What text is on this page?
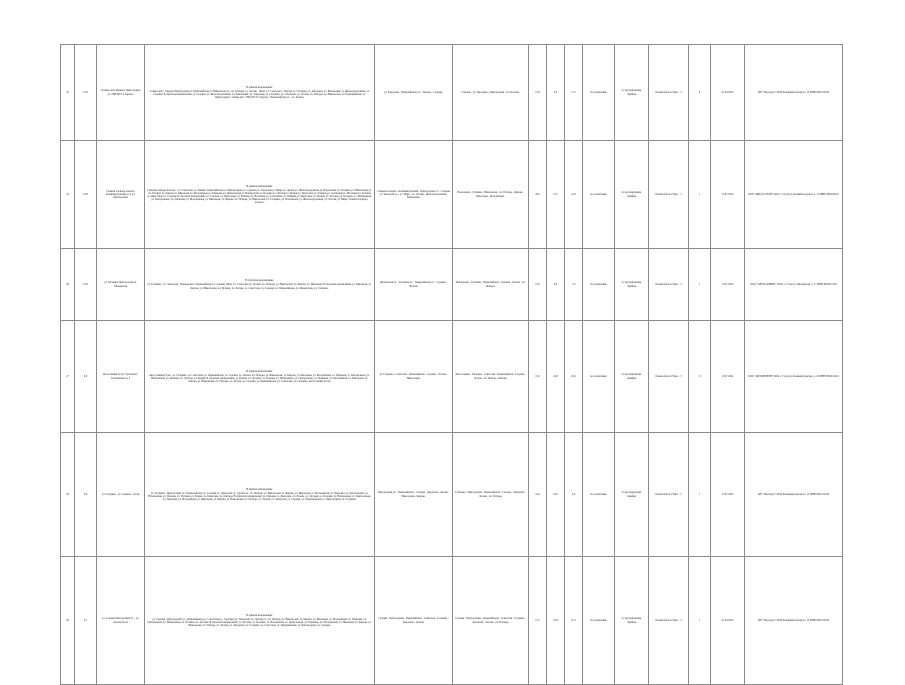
24	2/16	Стоянка авто Правило Пригородная ул. ТВД МСТ в Заречье	В прямом направлении:
стоянка авто - Заречье Пригородная ул. Первомайская ул. Никольская ул., пл. Победы, ул. Лесная - Пром. Ст. Советская - Заречье ул. Гагарина, ул. Заводская, пл. Революции, ул. Железнодорожная, ул. Садовая. В обратном направлении: ул. Садовая, ул. Железнодорожная, пл. Революции, ул. Заводская, ул. Гагарина, ул. Советская, ул. Лесная, пл. Победы, ул. Никольская, ул. Первомайская, ул. Пригородная, стоянка авто. ТВД МСТ в Заречье - Первомайская ул. - ул. Лесная.	ул. Заводская - Первомайская ул. - Заречье - Садовая.	Садовая - ул. Заводская - Пригородная - пл. Победы.	12,9	6,3	11 л	по расписанию	по регулируемым тарифам	Большой класс Евро - 5	6	01.04.2022	ИП "Транспорт" ООО Калининградская ул. 15 ИНН 3921012345
25	2/18	Главная площадь вокзала Калининградский ул. к ул. Пригородная	В прямом направлении:
Главная площадь вокзала - ул. Советская, ул. Ленина, Первомайская ул. Пригородная ул., Садовая ул., Заводская ул. Мира ул. Лесная ул. Железнодорожная ул. Вокзальная ул. Гагарина ул. Никольская ул. пл. Победы ул. Кирова ул. Школьная ул. Молодёжная ул. Парковая ул. Центральная ул. Набережная ул. Полевая ул. Луговая ул. Речная ул. Береговая ул. Озёрная ул. Солнечная ул. Весенняя ул. Зелёная ул. Цветочная ул. Садовая. В обратном направлении: ул. Садовая, ул. Цветочная, ул. Зелёная, ул. Весенняя, ул. Солнечная, ул. Озёрная, ул. Береговая, ул. Речная, ул. Луговая, ул. Полевая, ул. Набережная, ул. Центральная, ул. Парковая, ул. Молодёжная, ул. Школьная, ул. Кирова, пл. Победы, ул. Никольская, ул. Гагарина, ул. Вокзальная, ул. Железнодорожная, ул. Лесная, ул. Мира, Главная площадь вокзала.	Главная площадь - Калининградский - Пригородная ул. - Садовая ул. Заводская ул. - ул. Мира - ул. Лесная - Железнодорожная - Вокзальная.	Вокзальная - Гагарина - Никольская - пл. Победы - Кирова - Школьная - Молодёжная.	20,0	21,7	2,19	по расписанию	по регулируемым тарифам	Большой класс Евро - 5	1	15.07.2022	ООО "АВТО-СТРОЙ" ООО, г. Гусев ул. Калининградская, д. 17 ИНН 3902016547
26	2/19	ул. Гагарина Пригородная ул. Пионерская	В обратном направлении:
ул. Гагарина - ул. Заводская - Пионерская - Первомайская ул. Садовая. Пром. Ст. Советская ул. Лесная, пл. Победы, ул. Никольская, ул. Кирова, ул. Школьная. В обратном направлении: ул. Школьная, ул. Кирова, ул. Никольская, пл. Победы, ул. Лесная, ул. Советская, ул. Садовая, ул. Первомайская, ул. Пионерская, ул. Гагарина.	Пионерская ул. - Гагарина ул. - Первомайская ул. - Садовая - Лесная.	Пионерская - Гагарина - Первомайская - Садовая - Лесная - пл. Победы.	13,0	8,6	1 %	по расписанию	по регулируемым тарифам	Большой класс Евро - 5	1	15.07.2022	ООО "АВТО-СЕРВИС" ООО, г. Гусев ул. Пионерская, д. 17 ИНН 3902015748
27	2/9	Автостанция Гусев "Гусевская", Гагаринская ул. 2	В прямом направлении:
Автостанция Гусев - ул. Гагарина, ул. Советская, ул. Первомайская, ул. Садовая, ул. Лесная, пл. Победы, ул. Никольская, ул. Кирова, ул. Школьная, ул. Молодёжная, ул. Парковая, ул. Центральная, ул. Набережная, ул. Полевая, ул. Луговая, ул. Речная. В обратном направлении: ул. Речная, ул. Луговая, ул. Полевая, ул. Набережная, ул. Центральная, ул. Парковая, ул. Молодёжная, ул. Школьная, ул. Кирова, ул. Никольская, пл. Победы, ул. Лесная, ул. Садовая, ул. Первомайская, ул. Советская, ул. Гагарина, Автостанция Гусев.	ул. Гагарина - Советская - Первомайская - Садовая - Лесная - Никольская.	Автостанция - Гагарина - Советская - Первомайская - Садовая - Лесная - пл. Победы - Кирова.	13,2	24,3	26,2	по расписанию	по регулируемым тарифам	Большой класс Евро - 5	15	15.07.2022	ООО "АВТОРЕЗЕРВ" ООО, г. Гусев ул. Калининградская, д. 22 ИНН 3902011024
28	2/4	ул. Гагарина - ул. Садовая - Гусев	В прямом направлении:
ул. Гагарина - Пригородная ул., Первомайская ул., Садовая ул., Заводская ул., Лесная ул., пл. Победы, ул. Никольская, ул. Кирова, ул. Школьная, ул. Молодёжная, ул. Парковая, ул. Центральная, ул. Набережная, ул. Полевая, ул. Луговая, ул. Речная, ул. Береговая, ул. Озёрная. В обратном направлении: ул. Озёрная, ул. Береговая, ул. Речная, ул. Луговая, ул. Полевая, ул. Набережная, ул. Центральная, ул. Парковая, ул. Молодёжная, ул. Школьная, ул. Кирова, ул. Никольская, пл. Победы, ул. Лесная, ул. Заводская, ул. Садовая, ул. Первомайская, ул. Пригородная, ул. Гагарина.	Пригородная ул. - Первомайская - Садовая - Заводская - Лесная - Никольская - Кирова.	Гагарина - Пригородная - Первомайская - Садовая - Заводская - Лесная - пл. Победы.	10,6	18,5	2,4	по расписанию	по регулируемым тарифам	Большой класс Евро - 5	7	15.07.2022	ИП "Транспорт" ООО Калининградская ул. 15 ИНН 3921012345
29	2/7	ул. Садовая Пригородная ул. - ул. Лесная Гусев	В прямом направлении:
ул. Садовая - Пригородная ул., Первомайская ул., Советская ул., Гагарина ул., Заводская ул., Лесная ул., пл. Победы, ул. Никольская, ул. Кирова, ул. Школьная, ул. Молодёжная, ул. Парковая, ул. Центральная, ул. Набережная, ул. Полевая, ул. Луговая. В обратном направлении: ул. Луговая, ул. Полевая, ул. Набережная, ул. Центральная, ул. Парковая, ул. Молодёжная, ул. Школьная, ул. Кирова, ул. Никольская, пл. Победы, ул. Лесная, ул. Заводская, ул. Гагарина, ул. Советская, ул. Первомайская, ул. Пригородная, ул. Садовая.	Садовая - Пригородная - Первомайская - Советская - Гагарина - Заводская - Лесная.	Садовая - Пригородная - Первомайская - Советская - Гагарина - Заводская - Лесная - пл. Победы.	11,5	22,8	22,1	по расписанию	по регулируемым тарифам	Большой класс Евро - 5	7	01.04.2022	ИП "Транспорт" ООО Калининградская ул. 15 ИНН 3921012345
